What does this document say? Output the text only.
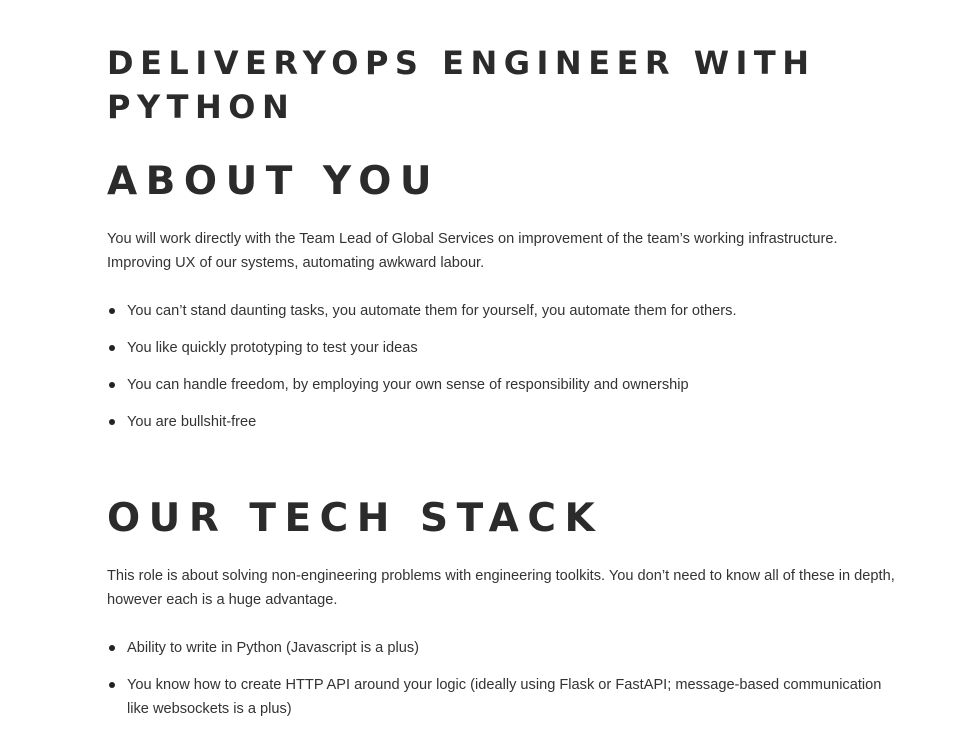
DELIVERYOPS ENGINEER WITH PYTHON
ABOUT YOU

You will work directly with the Team Lead of Global Services on improvement of the team’s working infrastructure. Improving UX of our systems, automating awkward labour.

You can’t stand daunting tasks, you automate them for yourself, you automate them for others.
You like quickly prototyping to test your ideas
You can handle freedom, by employing your own sense of responsibility and ownership
You are bullshit-free
OUR TECH STACK

This role is about solving non-engineering problems with engineering toolkits. You don’t need to know all of these in depth, however each is a huge advantage.

Ability to write in Python (Javascript is a plus)
You know how to create HTTP API around your logic (ideally using Flask or FastAPI; message-based communication like websockets is a plus)
